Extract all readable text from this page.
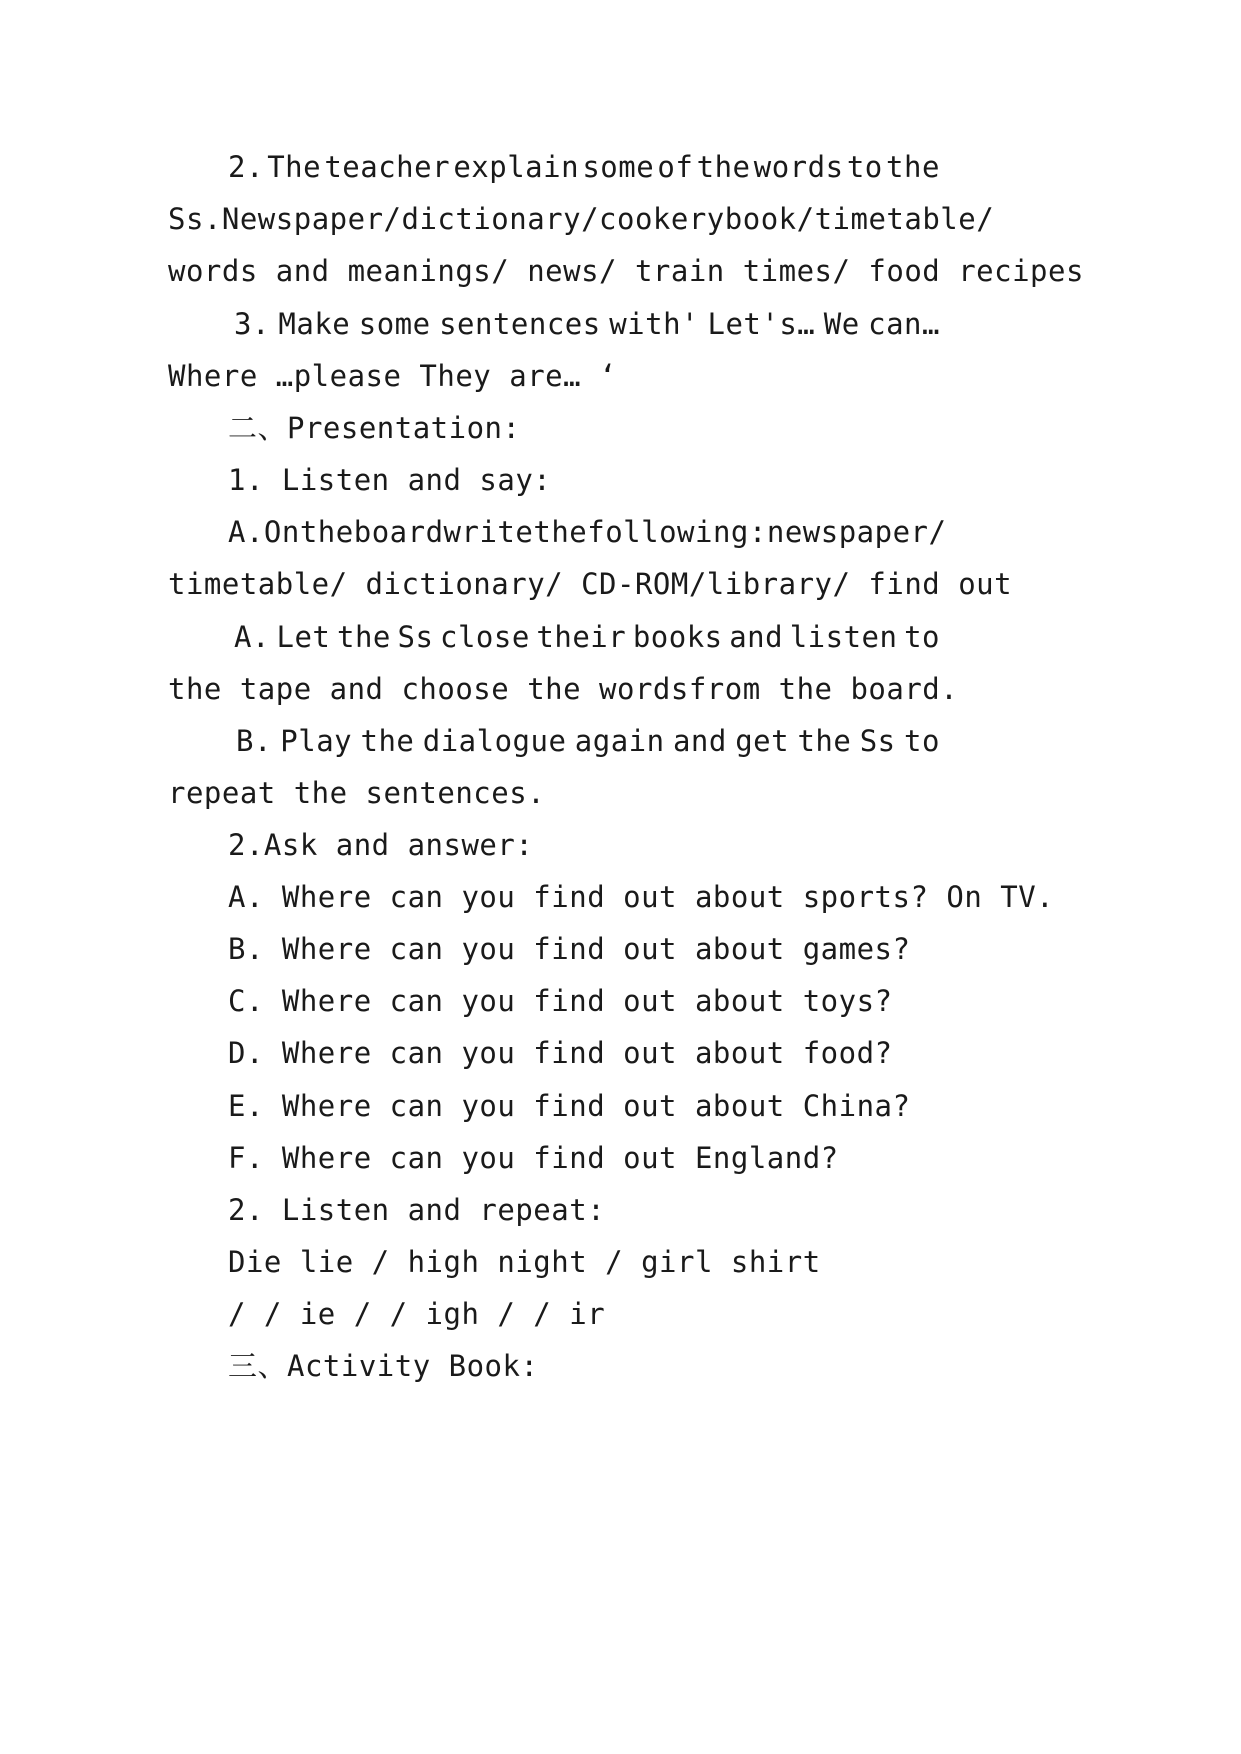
2. The teacher explain some of the words to the
Ss. Newspaper/ dictionary/cookery book/ timetable/
words and meanings/ news/ train times/ food recipes
3. Make some sentences with' Let's… We can…
Where …please They are… ‘
二、Presentation:
1. Listen and say:
A. On the board write the following: newspaper/
timetable/ dictionary/ CD-ROM/library/ find out
A. Let the Ss close their books and listen to
the tape and choose the wordsfrom the board.
B. Play the dialogue again and get the Ss to
repeat the sentences.
2.Ask and answer:
A. Where can you find out about sports? On TV.
B. Where can you find out about games?
C. Where can you find out about toys?
D. Where can you find out about food?
E. Where can you find out about China?
F. Where can you find out England?
2. Listen and repeat:
Die lie / high night / girl shirt
/ / ie / / igh / / ir
三、Activity Book:
